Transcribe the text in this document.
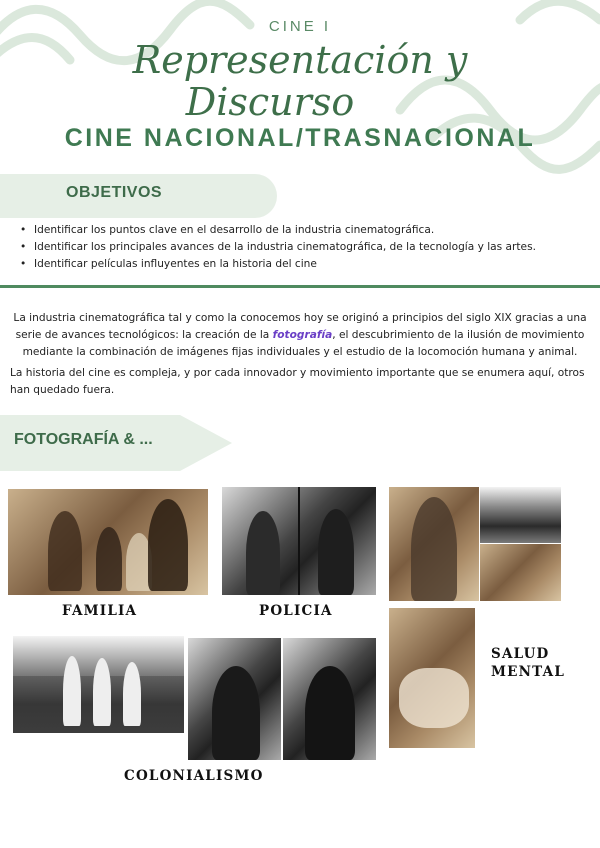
CINE I
Representación y
Discurso
CINE NACIONAL/TRASNACIONAL
OBJETIVOS
• Identificar los puntos clave en el desarrollo de la industria cinematográfica.
• Identificar los principales avances de la industria cinematográfica, de la tecnología y las artes.
• Identificar películas influyentes en la historia del cine

La industria cinematográfica tal y como la conocemos hoy se originó a principios del siglo XIX gracias a una serie de avances tecnológicos: la creación de la fotografía, el descubrimiento de la ilusión de movimiento mediante la combinación de imágenes fijas individuales y el estudio de la locomoción humana y animal.

La historia del cine es compleja, y por cada innovador y movimiento importante que se enumera aquí, otros han quedado fuera.

FOTOGRAFÍA & ...
FAMILIA	POLICIA
SALUD
MENTAL
COLONIALISMO
